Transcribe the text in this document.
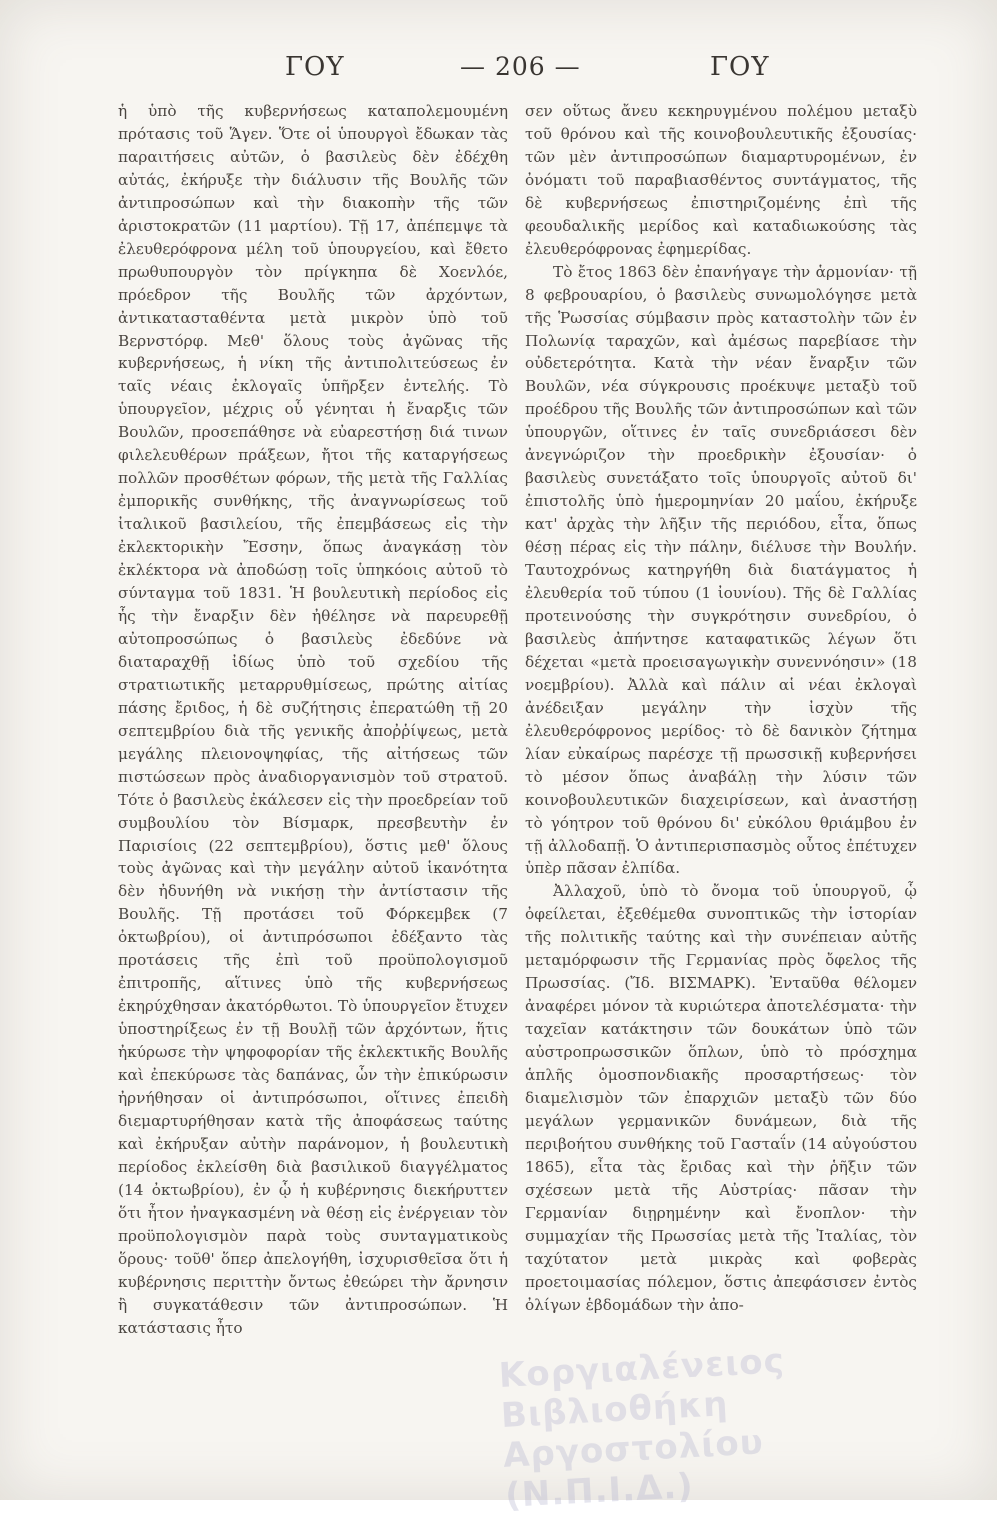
ΓΟΥ	— 206 —	ΓΟΥ

ἡ ὑπὸ τῆς κυβερνήσεως καταπολεμουμένη πρότασις τοῦ Ἅγεν. Ὅτε οἱ ὑπουργοὶ ἔδωκαν τὰς παραιτήσεις αὐτῶν, ὁ βασιλεὺς δὲν ἐδέχθη αὐτάς, ἐκήρυξε τὴν διάλυσιν τῆς Βουλῆς τῶν ἀντιπροσώπων καὶ τὴν διακοπὴν τῆς τῶν ἀριστοκρατῶν (11 μαρτίου). Τῇ 17, ἀπέπεμψε τὰ ἐλευθερόφρονα μέλη τοῦ ὑπουργείου, καὶ ἔθετο πρωθυπουργὸν τὸν πρίγκηπα δὲ Χοενλόε, πρόεδρον τῆς Βουλῆς τῶν ἀρχόντων, ἀντικατασταθέντα μετὰ μικρὸν ὑπὸ τοῦ Βερνστόρφ. Μεθ' ὅλους τοὺς ἀγῶνας τῆς κυβερνήσεως, ἡ νίκη τῆς ἀντιπολιτεύσεως ἐν ταῖς νέαις ἐκλογαῖς ὑπῆρξεν ἐντελής. Τὸ ὑπουργεῖον, μέχρις οὗ γένηται ἡ ἔναρξις τῶν Βουλῶν, προσεπάθησε νὰ εὐαρεστήσῃ διά τινων φιλελευθέρων πράξεων, ἤτοι τῆς καταργήσεως πολλῶν προσθέτων φόρων, τῆς μετὰ τῆς Γαλλίας ἐμπορικῆς συνθήκης, τῆς ἀναγνωρίσεως τοῦ ἰταλικοῦ βασιλείου, τῆς ἐπεμβάσεως εἰς τὴν ἐκλεκτορικὴν Ἔσσην, ὅπως ἀναγκάσῃ τὸν ἐκλέκτορα νὰ ἀποδώσῃ τοῖς ὑπηκόοις αὐτοῦ τὸ σύνταγμα τοῦ 1831. Ἡ βουλευτικὴ περίοδος εἰς ἧς τὴν ἔναρξιν δὲν ἠθέλησε νὰ παρευρεθῇ αὐτοπροσώπως ὁ βασιλεὺς ἐδεδύνε νὰ διαταραχθῇ ἰδίως ὑπὸ τοῦ σχεδίου τῆς στρατιωτικῆς μεταρρυθμίσεως, πρώτης αἰτίας πάσης ἔριδος, ἡ δὲ συζήτησις ἐπερατώθη τῇ 20 σεπτεμβρίου διὰ τῆς γενικῆς ἀποῤῥίψεως, μετὰ μεγάλης πλειονοψηφίας, τῆς αἰτήσεως τῶν πιστώσεων πρὸς ἀναδιοργανισμὸν τοῦ στρατοῦ. Τότε ὁ βασιλεὺς ἐκάλεσεν εἰς τὴν προεδρείαν τοῦ συμβουλίου τὸν Βίσμαρκ, πρεσβευτὴν ἐν Παρισίοις (22 σεπτεμβρίου), ὅστις μεθ' ὅλους τοὺς ἀγῶνας καὶ τὴν μεγάλην αὐτοῦ ἱκανότητα δὲν ἠδυνήθη νὰ νικήσῃ τὴν ἀντίστασιν τῆς Βουλῆς. Τῇ προτάσει τοῦ Φόρκεμβεκ (7 ὀκτωβρίου), οἱ ἀντιπρόσωποι ἐδέξαντο τὰς προτάσεις τῆς ἐπὶ τοῦ προϋπολογισμοῦ ἐπιτροπῆς, αἵτινες ὑπὸ τῆς κυβερνήσεως ἐκηρύχθησαν ἀκατόρθωτοι. Τὸ ὑπουργεῖον ἔτυχεν ὑποστηρίξεως ἐν τῇ Βουλῇ τῶν ἀρχόντων, ἥτις ἠκύρωσε τὴν ψηφοφορίαν τῆς ἐκλεκτικῆς Βουλῆς καὶ ἐπεκύρωσε τὰς δαπάνας, ὧν τὴν ἐπικύρωσιν ἠρνήθησαν οἱ ἀντιπρόσωποι, οἵτινες ἐπειδὴ διεμαρτυρήθησαν κατὰ τῆς ἀποφάσεως ταύτης καὶ ἐκήρυξαν αὐτὴν παράνομον, ἡ βουλευτικὴ περίοδος ἐκλείσθη διὰ βασιλικοῦ διαγγέλματος (14 ὀκτωβρίου), ἐν ᾧ ἡ κυβέρνησις διεκήρυττεν ὅτι ἦτον ἠναγκασμένη νὰ θέσῃ εἰς ἐνέργειαν τὸν προϋπολογισμὸν παρὰ τοὺς συνταγματικοὺς ὅρους· τοῦθ' ὅπερ ἀπελογήθη, ἰσχυρισθεῖσα ὅτι ἡ κυβέρνησις περιττὴν ὄντως ἐθεώρει τὴν ἄρνησιν ἢ συγκατάθεσιν τῶν ἀντιπροσώπων. Ἡ κατάστασις ἦτο

σεν οὕτως ἄνευ κεκηρυγμένου πολέμου μεταξὺ τοῦ θρόνου καὶ τῆς κοινοβουλευτικῆς ἐξουσίας· τῶν μὲν ἀντιπροσώπων διαμαρτυρομένων, ἐν ὀνόματι τοῦ παραβιασθέντος συντάγματος, τῆς δὲ κυβερνήσεως ἐπιστηριζομένης ἐπὶ τῆς φεουδαλικῆς μερίδος καὶ καταδιωκούσης τὰς ἐλευθερόφρονας ἐφημερίδας.

Τὸ ἔτος 1863 δὲν ἐπανήγαγε τὴν ἁρμονίαν· τῇ 8 φεβρουαρίου, ὁ βασιλεὺς συνωμολόγησε μετὰ τῆς Ῥωσσίας σύμβασιν πρὸς καταστολὴν τῶν ἐν Πολωνίᾳ ταραχῶν, καὶ ἀμέσως παρεβίασε τὴν οὐδετερότητα. Κατὰ τὴν νέαν ἔναρξιν τῶν Βουλῶν, νέα σύγκρουσις προέκυψε μεταξὺ τοῦ προέδρου τῆς Βουλῆς τῶν ἀντιπροσώπων καὶ τῶν ὑπουργῶν, οἵτινες ἐν ταῖς συνεδριάσεσι δὲν ἀνεγνώριζον τὴν προεδρικὴν ἐξουσίαν· ὁ βασιλεὺς συνετάξατο τοῖς ὑπουργοῖς αὐτοῦ δι' ἐπιστολῆς ὑπὸ ἡμερομηνίαν 20 μαΐου, ἐκήρυξε κατ' ἀρχὰς τὴν λῆξιν τῆς περιόδου, εἶτα, ὅπως θέσῃ πέρας εἰς τὴν πάλην, διέλυσε τὴν Βουλήν. Ταυτοχρόνως κατηργήθη διὰ διατάγματος ἡ ἐλευθερία τοῦ τύπου (1 ἰουνίου). Τῆς δὲ Γαλλίας προτεινούσης τὴν συγκρότησιν συνεδρίου, ὁ βασιλεὺς ἀπήντησε καταφατικῶς λέγων ὅτι δέχεται «μετὰ προεισαγωγικὴν συνεννόησιν» (18 νοεμβρίου). Ἀλλὰ καὶ πάλιν αἱ νέαι ἐκλογαὶ ἀνέδειξαν μεγάλην τὴν ἰσχὺν τῆς ἐλευθερόφρονος μερίδος· τὸ δὲ δανικὸν ζήτημα λίαν εὐκαίρως παρέσχε τῇ πρωσσικῇ κυβερνήσει τὸ μέσον ὅπως ἀναβάλῃ τὴν λύσιν τῶν κοινοβουλευτικῶν διαχειρίσεων, καὶ ἀναστήσῃ τὸ γόητρον τοῦ θρόνου δι' εὐκόλου θριάμβου ἐν τῇ ἀλλοδαπῇ. Ὁ ἀντιπερισπασμὸς οὗτος ἐπέτυχεν ὑπὲρ πᾶσαν ἐλπίδα.

Ἀλλαχοῦ, ὑπὸ τὸ ὄνομα τοῦ ὑπουργοῦ, ᾧ ὀφείλεται, ἐξεθέμεθα συνοπτικῶς τὴν ἱστορίαν τῆς πολιτικῆς ταύτης καὶ τὴν συνέπειαν αὐτῆς μεταμόρφωσιν τῆς Γερμανίας πρὸς ὄφελος τῆς Πρωσσίας. (Ἴδ. ΒΙΣΜΑΡΚ). Ἐνταῦθα θέλομεν ἀναφέρει μόνον τὰ κυριώτερα ἀποτελέσματα· τὴν ταχεῖαν κατάκτησιν τῶν δουκάτων ὑπὸ τῶν αὐστροπρωσσικῶν ὅπλων, ὑπὸ τὸ πρόσχημα ἁπλῆς ὁμοσπονδιακῆς προσαρτήσεως· τὸν διαμελισμὸν τῶν ἐπαρχιῶν μεταξὺ τῶν δύο μεγάλων γερμανικῶν δυνάμεων, διὰ τῆς περιβοήτου συνθήκης τοῦ Γασταΐν (14 αὐγούστου 1865), εἶτα τὰς ἔριδας καὶ τὴν ῥῆξιν τῶν σχέσεων μετὰ τῆς Αὐστρίας· πᾶσαν τὴν Γερμανίαν διῃρημένην καὶ ἔνοπλον· τὴν συμμαχίαν τῆς Πρωσσίας μετὰ τῆς Ἰταλίας, τὸν ταχύτατον μετὰ μικρὰς καὶ φοβερὰς προετοιμασίας πόλεμον, ὅστις ἀπεφάσισεν ἐντὸς ὀλίγων ἑβδομάδων τὴν ἀπο-

Κοργιαλένειος Βιβλιοθήκη
Αργοστολίου (Ν.Π.Ι.Δ.)
